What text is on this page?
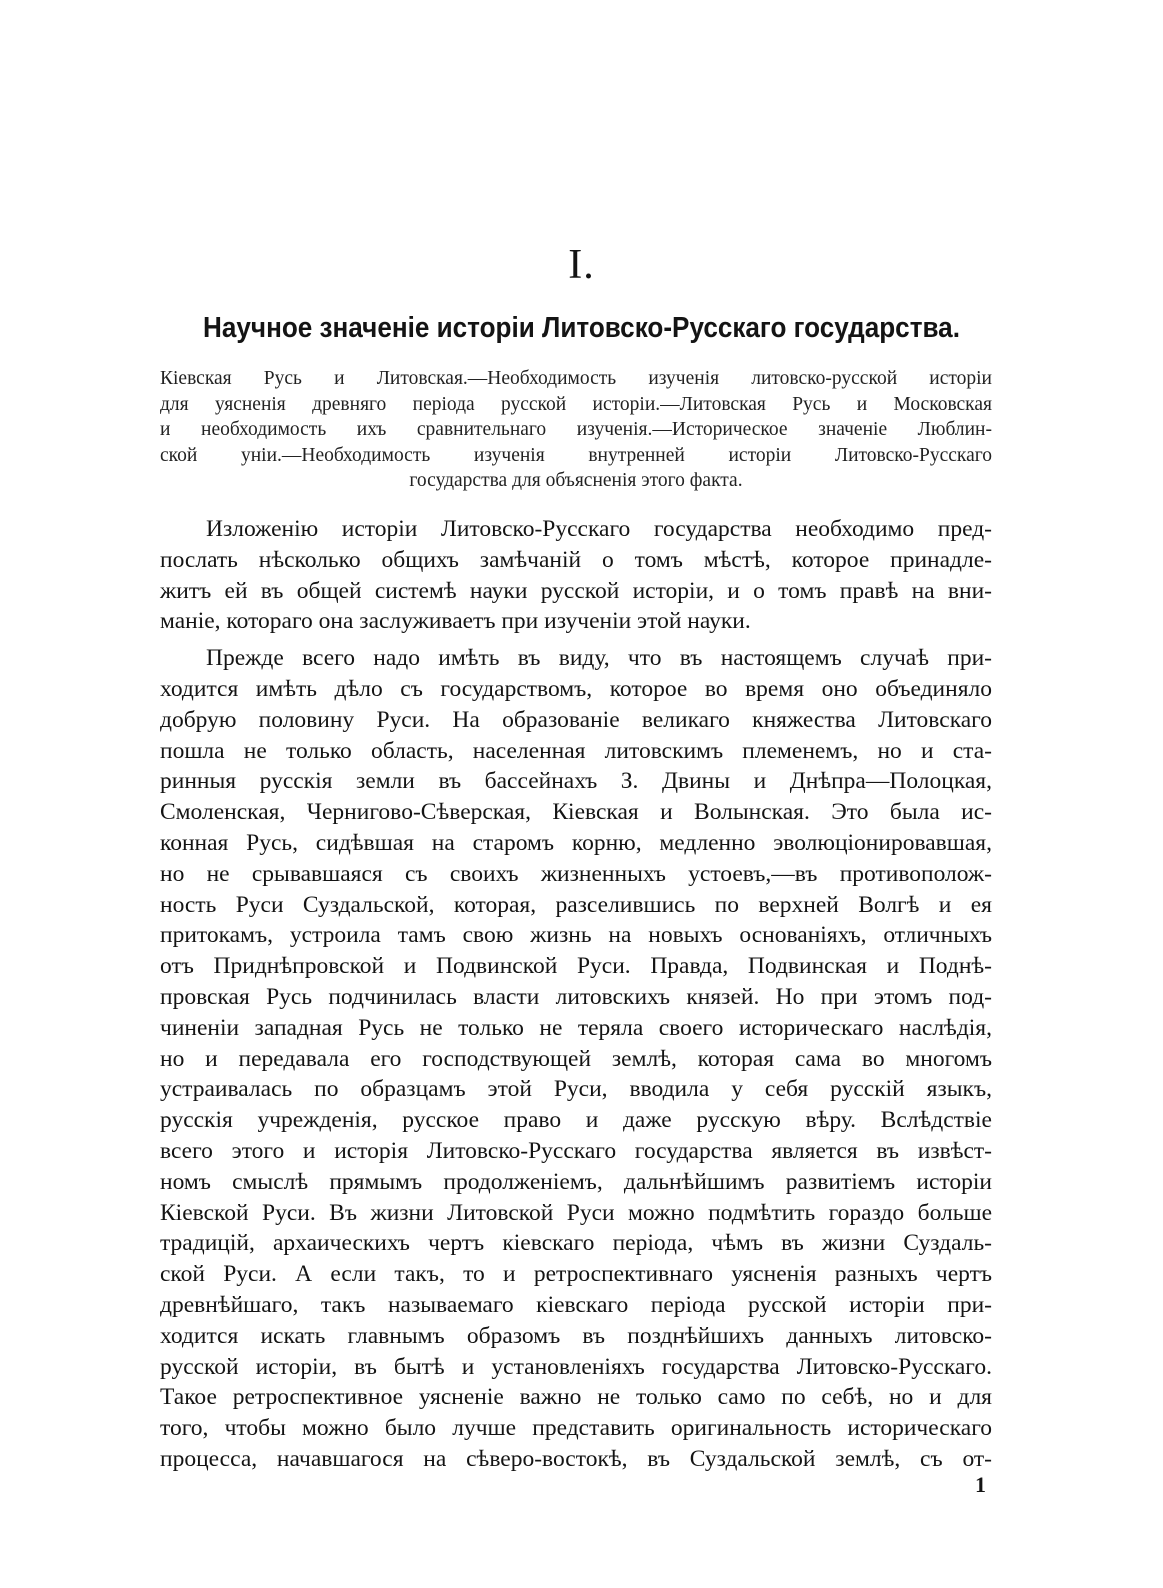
I.
Научное значенiе исторiи Литовско-Русскаго государства.
Кiевская Русь и Литовская.—Необходимость изученiя литовско-русской исторiи
для уясненiя древняго перiода русской исторiи.—Литовская Русь и Московская
и необходимость ихъ сравнительнаго изученiя.—Историческое значенiе Люблин-
ской унiи.—Необходимость изученiя внутренней исторiи Литовско-Русскаго
государства для объясненiя этого факта.
Изложенiю исторiи Литовско-Русскаго государства необходимо пред-
послать нѣсколько общихъ замѣчанiй о томъ мѣстѣ, которое принадле-
житъ ей въ общей системѣ науки русской исторiи, и о томъ правѣ на вни-
манiе, котораго она заслуживаетъ при изученiи этой науки.
Прежде всего надо имѣть въ виду, что въ настоящемъ случаѣ при-
ходится имѣть дѣло съ государствомъ, которое во время оно объединяло
добрую половину Руси. На образованiе великаго княжества Литовскаго
пошла не только область, населенная литовскимъ племенемъ, но и ста-
ринныя русскiя земли въ бассейнахъ З. Двины и Днѣпра—Полоцкая,
Смоленская, Черниговo-Сѣверская, Кiевская и Волынская. Это была ис-
конная Русь, сидѣвшая на старомъ корню, медленно эволюцiонировавшая,
но не срывавшаяся съ своихъ жизненныхъ устоевъ,—въ противополож-
ность Руси Суздальской, которая, разселившись по верхней Волгѣ и ея
притокамъ, устроила тамъ свою жизнь на новыхъ основанiяхъ, отличныхъ
отъ Приднѣпровской и Подвинской Руси. Правда, Подвинская и Поднѣ-
провская Русь подчинилась власти литовскихъ князей. Но при этомъ под-
чиненiи западная Русь не только не теряла своего историческаго наслѣдiя,
но и передавала его господствующей землѣ, которая сама во многомъ
устраивалась по образцамъ этой Руси, вводила у себя русскiй языкъ,
русскiя учрежденiя, русское право и даже русскую вѣру. Вслѣдствiе
всего этого и исторiя Литовско-Русскаго государства является въ извѣст-
номъ смыслѣ прямымъ продолженiемъ, дальнѣйшимъ развитiемъ исторiи
Кiевской Руси. Въ жизни Литовской Руси можно подмѣтить гораздо больше
традицiй, архаическихъ чертъ кiевскаго перiода, чѣмъ въ жизни Суздаль-
ской Руси. А если такъ, то и ретроспективнаго уясненiя разныхъ чертъ
древнѣйшаго, такъ называемаго кiевскаго перiода русской исторiи при-
ходится искать главнымъ образомъ въ позднѣйшихъ данныхъ литовско-
русской исторiи, въ бытѣ и установленiяхъ государства Литовско-Русскаго.
Такое ретроспективное уясненiе важно не только само по себѣ, но и для
того, чтобы можно было лучше представить оригинальность историческаго
процесса, начавшагося на сѣверо-востокѣ, въ Суздальской землѣ, съ от-
1
